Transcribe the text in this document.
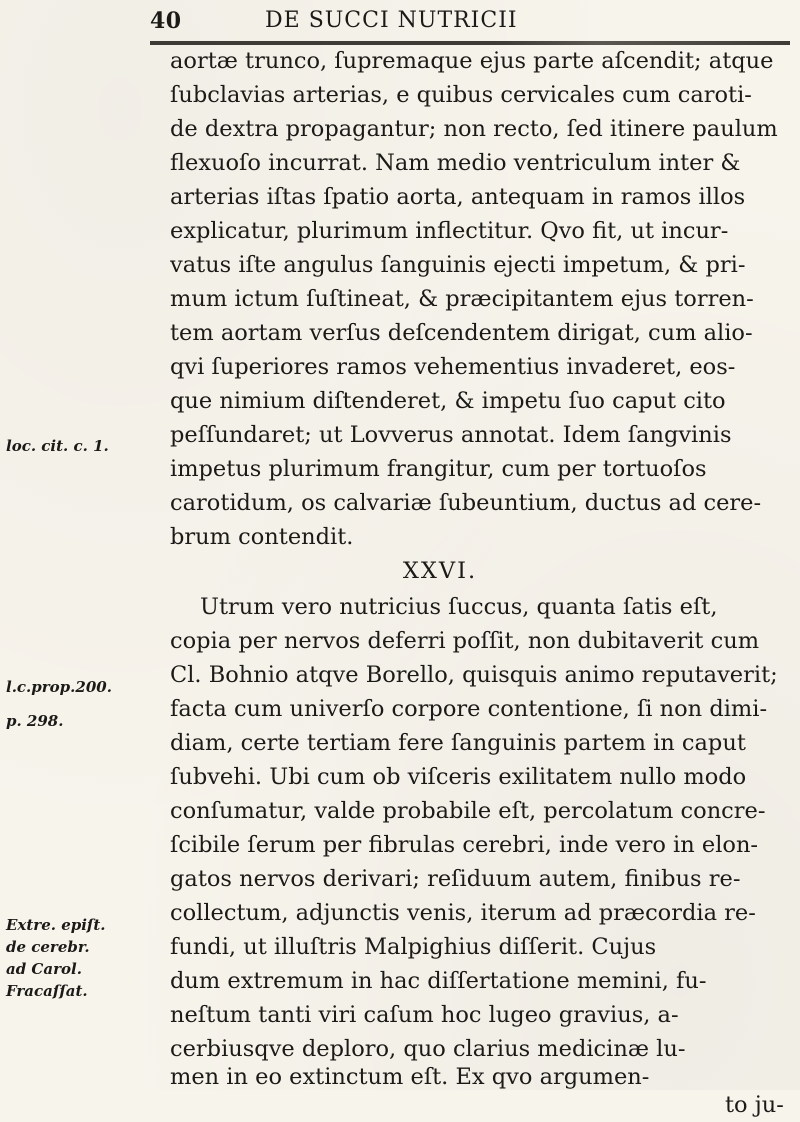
40	DE SUCCI NUTRICII
loc. cit. c. 1.
l.c.prop.200.
p. 298.
Extre. epiſt.
de cerebr.
ad Carol.
Fracaſſat.
aortæ trunco, ſupremaque ejus parte aſcendit; atque
ſubclavias arterias, e quibus cervicales cum caroti-
de dextra propagantur; non recto, ſed itinere paulum
flexuoſo incurrat. Nam medio ventriculum inter &
arterias iſtas ſpatio aorta, antequam in ramos illos
explicatur, plurimum inflectitur. Qvo fit, ut incur-
vatus iſte angulus ſanguinis ejecti impetum, & pri-
mum ictum ſuſtineat, & præcipitantem ejus torren-
tem aortam verſus deſcendentem dirigat, cum alio-
qvi ſuperiores ramos vehementius invaderet, eos-
que nimium diſtenderet, & impetu ſuo caput cito
peſſundaret; ut Lovverus annotat. Idem ſangvinis
impetus plurimum frangitur, cum per tortuoſos
carotidum, os calvariæ ſubeuntium, ductus ad cere-
brum contendit.
XXVI.
Utrum vero nutricius ſuccus, quanta ſatis eſt,
copia per nervos deferri poſſit, non dubitaverit cum
Cl. Bohnio atqve Borello, quisquis animo reputaverit;
facta cum univerſo corpore contentione, ſi non dimi-
diam, certe tertiam fere ſanguinis partem in caput
ſubvehi. Ubi cum ob viſceris exilitatem nullo modo
conſumatur, valde probabile eſt, percolatum concre-
ſcibile ſerum per fibrulas cerebri, inde vero in elon-
gatos nervos derivari; reſiduum autem, finibus re-
collectum, adjunctis venis, iterum ad præcordia re-
fundi, ut illuſtris Malpighius diſſerit. Cujus
dum extremum in hac diſſertatione memini, fu-
neſtum tanti viri caſum hoc lugeo gravius, a-
cerbiusqve deploro, quo clarius medicinæ lu-
men in eo extinctum eſt. Ex qvo argumen-
to ju-
